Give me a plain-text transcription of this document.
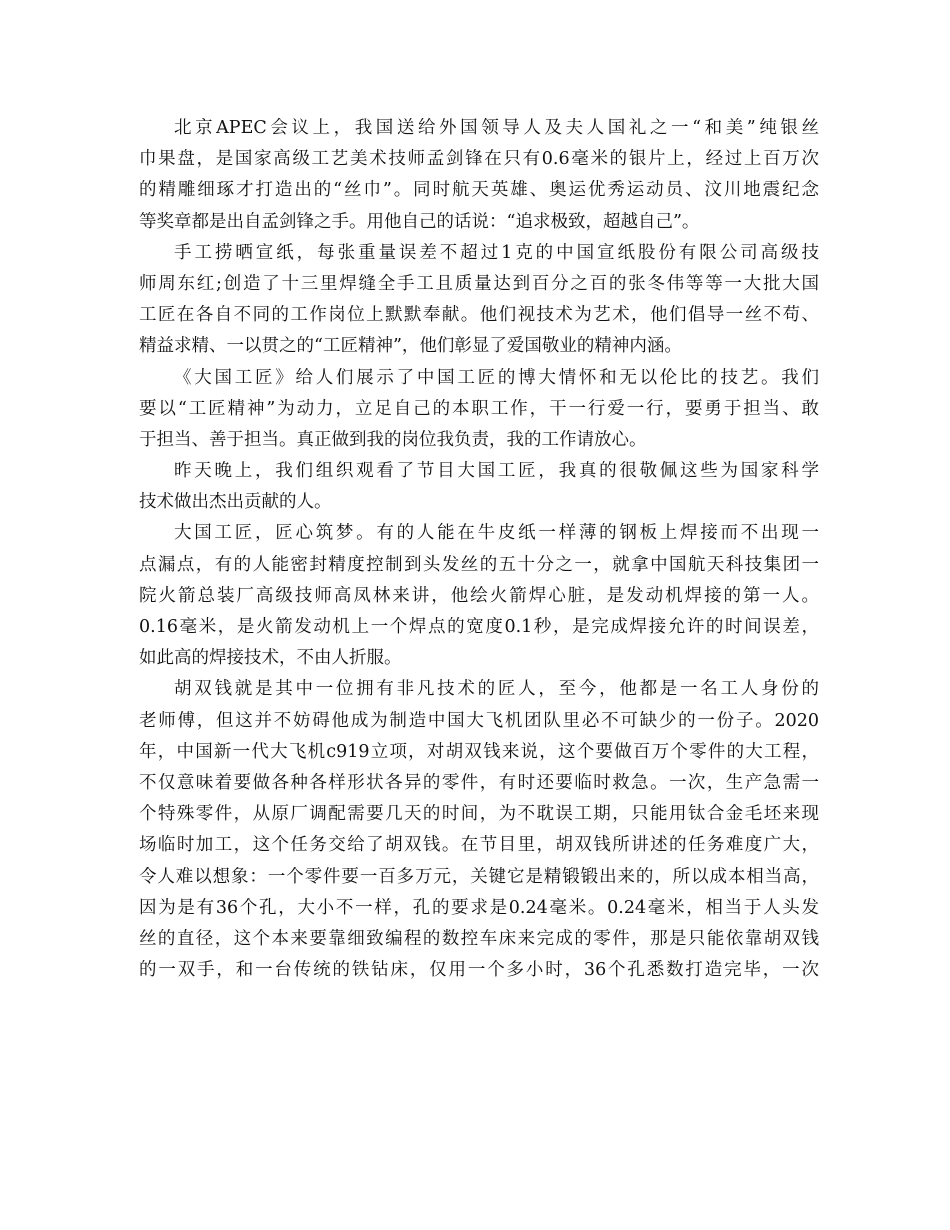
北京APEC会议上，我国送给外国领导人及夫人国礼之一“和美”纯银丝
巾果盘，是国家高级工艺美术技师孟剑锋在只有0.6毫米的银片上，经过上百万次
的精雕细琢才打造出的“丝巾”。同时航天英雄、奥运优秀运动员、汶川地震纪念
等奖章都是出自孟剑锋之手。用他自己的话说：“追求极致，超越自己”。
手工捞晒宣纸，每张重量误差不超过1克的中国宣纸股份有限公司高级技
师周东红;创造了十三里焊缝全手工且质量达到百分之百的张冬伟等等一大批大国
工匠在各自不同的工作岗位上默默奉献。他们视技术为艺术，他们倡导一丝不苟、
精益求精、一以贯之的“工匠精神”，他们彰显了爱国敬业的精神内涵。
《大国工匠》给人们展示了中国工匠的博大情怀和无以伦比的技艺。我们
要以“工匠精神”为动力，立足自己的本职工作，干一行爱一行，要勇于担当、敢
于担当、善于担当。真正做到我的岗位我负责，我的工作请放心。
昨天晚上，我们组织观看了节目大国工匠，我真的很敬佩这些为国家科学
技术做出杰出贡献的人。
大国工匠，匠心筑梦。有的人能在牛皮纸一样薄的钢板上焊接而不出现一
点漏点，有的人能密封精度控制到头发丝的五十分之一，就拿中国航天科技集团一
院火箭总装厂高级技师高凤林来讲，他绘火箭焊心脏，是发动机焊接的第一人。
0.16毫米，是火箭发动机上一个焊点的宽度0.1秒，是完成焊接允许的时间误差，
如此高的焊接技术，不由人折服。
胡双钱就是其中一位拥有非凡技术的匠人，至今，他都是一名工人身份的
老师傅，但这并不妨碍他成为制造中国大飞机团队里必不可缺少的一份子。2020
年，中国新一代大飞机c919立项，对胡双钱来说，这个要做百万个零件的大工程，
不仅意味着要做各种各样形状各异的零件，有时还要临时救急。一次，生产急需一
个特殊零件，从原厂调配需要几天的时间，为不耽误工期，只能用钛合金毛坯来现
场临时加工，这个任务交给了胡双钱。在节目里，胡双钱所讲述的任务难度广大，
令人难以想象：一个零件要一百多万元，关键它是精锻锻出来的，所以成本相当高，
因为是有36个孔，大小不一样，孔的要求是0.24毫米。0.24毫米，相当于人头发
丝的直径，这个本来要靠细致编程的数控车床来完成的零件，那是只能依靠胡双钱
的一双手，和一台传统的铁钻床，仅用一个多小时，36个孔悉数打造完毕，一次
